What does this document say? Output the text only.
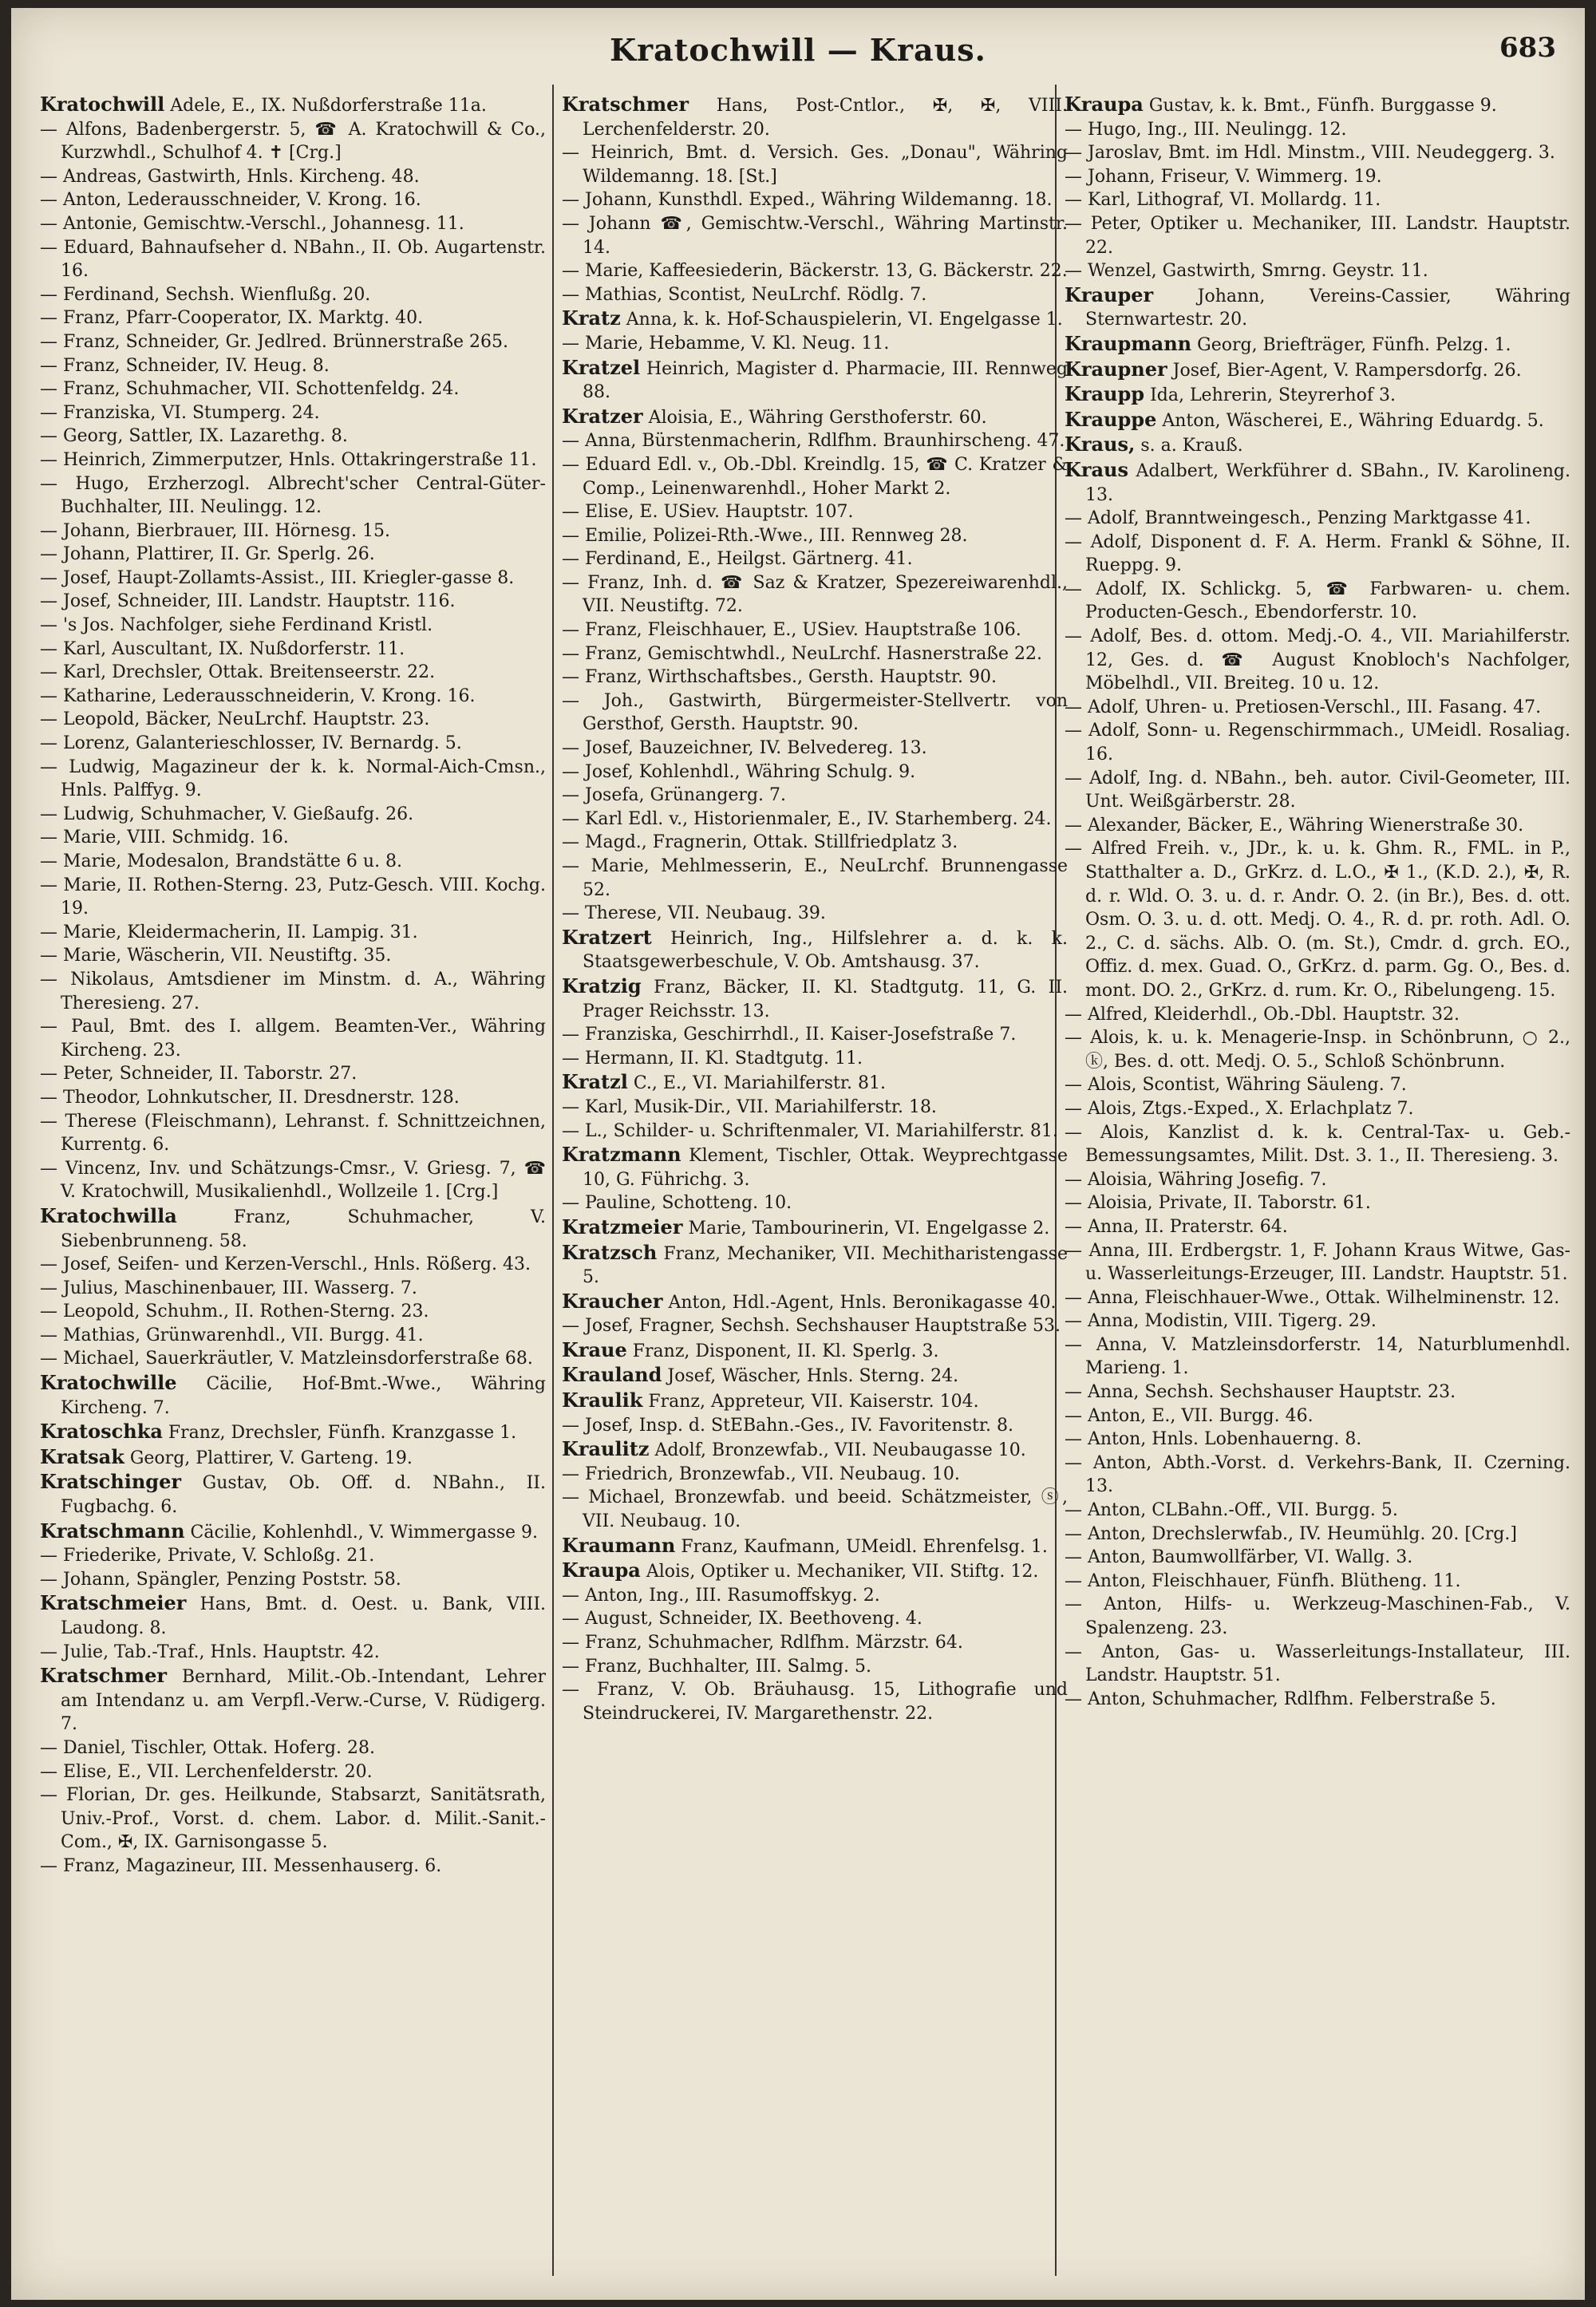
Kratochwill — Kraus.	683
Kratochwill Adele, E., IX. Nußdorferstraße 11a.
— Alfons, Badenbergerstr. 5, ☎ A. Kratochwill & Co., Kurzwhdl., Schulhof 4. ✝ [Crg.]
— Andreas, Gastwirth, Hnls. Kircheng. 48.
— Anton, Lederausschneider, V. Krong. 16.
— Antonie, Gemischtw.-Verschl., Johannesg. 11.
— Eduard, Bahnaufseher d. NBahn., II. Ob. Augartenstr. 16.
— Ferdinand, Sechsh. Wienflußg. 20.
— Franz, Pfarr-Cooperator, IX. Marktg. 40.
— Franz, Schneider, Gr. Jedlred. Brünnerstraße 265.
— Franz, Schneider, IV. Heug. 8.
— Franz, Schuhmacher, VII. Schottenfeldg. 24.
— Franziska, VI. Stumperg. 24.
— Georg, Sattler, IX. Lazarethg. 8.
— Heinrich, Zimmerputzer, Hnls. Ottakringerstraße 11.
— Hugo, Erzherzogl. Albrecht'scher Central-Güter-Buchhalter, III. Neulingg. 12.
— Johann, Bierbrauer, III. Hörnesg. 15.
— Johann, Plattirer, II. Gr. Sperlg. 26.
— Josef, Haupt-Zollamts-Assist., III. Kriegler-gasse 8.
— Josef, Schneider, III. Landstr. Hauptstr. 116.
— 's Jos. Nachfolger, siehe Ferdinand Kristl.
— Karl, Auscultant, IX. Nußdorferstr. 11.
— Karl, Drechsler, Ottak. Breitenseerstr. 22.
— Katharine, Lederausschneiderin, V. Krong. 16.
— Leopold, Bäcker, NeuLrchf. Hauptstr. 23.
— Lorenz, Galanterieschlosser, IV. Bernardg. 5.
— Ludwig, Magazineur der k. k. Normal-Aich-Cmsn., Hnls. Palffyg. 9.
— Ludwig, Schuhmacher, V. Gießaufg. 26.
— Marie, VIII. Schmidg. 16.
— Marie, Modesalon, Brandstätte 6 u. 8.
— Marie, II. Rothen-Sterng. 23, Putz-Gesch. VIII. Kochg. 19.
— Marie, Kleidermacherin, II. Lampig. 31.
— Marie, Wäscherin, VII. Neustiftg. 35.
— Nikolaus, Amtsdiener im Minstm. d. A., Währing Theresieng. 27.
— Paul, Bmt. des I. allgem. Beamten-Ver., Währing Kircheng. 23.
— Peter, Schneider, II. Taborstr. 27.
— Theodor, Lohnkutscher, II. Dresdnerstr. 128.
— Therese (Fleischmann), Lehranst. f. Schnittzeichnen, Kurrentg. 6.
— Vincenz, Inv. und Schätzungs-Cmsr., V. Griesg. 7, ☎ V. Kratochwill, Musikalienhdl., Wollzeile 1. [Crg.]
Kratochwilla Franz, Schuhmacher, V. Siebenbrunneng. 58.
— Josef, Seifen- und Kerzen-Verschl., Hnls. Rößerg. 43.
— Julius, Maschinenbauer, III. Wasserg. 7.
— Leopold, Schuhm., II. Rothen-Sterng. 23.
— Mathias, Grünwarenhdl., VII. Burgg. 41.
— Michael, Sauerkräutler, V. Matzleinsdorferstraße 68.
Kratochwille Cäcilie, Hof-Bmt.-Wwe., Währing Kircheng. 7.
Kratoschka Franz, Drechsler, Fünfh. Kranzgasse 1.
Kratsak Georg, Plattirer, V. Garteng. 19.
Kratschinger Gustav, Ob. Off. d. NBahn., II. Fugbachg. 6.
Kratschmann Cäcilie, Kohlenhdl., V. Wimmergasse 9.
— Friederike, Private, V. Schloßg. 21.
— Johann, Spängler, Penzing Poststr. 58.
Kratschmeier Hans, Bmt. d. Oest. u. Bank, VIII. Laudong. 8.
— Julie, Tab.-Traf., Hnls. Hauptstr. 42.
Kratschmer Bernhard, Milit.-Ob.-Intendant, Lehrer am Intendanz u. am Verpfl.-Verw.-Curse, V. Rüdigerg. 7.
— Daniel, Tischler, Ottak. Hoferg. 28.
— Elise, E., VII. Lerchenfelderstr. 20.
— Florian, Dr. ges. Heilkunde, Stabsarzt, Sanitätsrath, Univ.-Prof., Vorst. d. chem. Labor. d. Milit.-Sanit.-Com., ✠, IX. Garnisongasse 5.
— Franz, Magazineur, III. Messenhauserg. 6.
Kratschmer Hans, Post-Cntlor., ✠, ✠, VIII. Lerchenfelderstr. 20.
— Heinrich, Bmt. d. Versich. Ges. „Donau", Währing Wildemanng. 18. [St.]
— Johann, Kunsthdl. Exped., Währing Wildemanng. 18.
— Johann ☎, Gemischtw.-Verschl., Währing Martinstr. 14.
— Marie, Kaffeesiederin, Bäckerstr. 13, G. Bäckerstr. 22.
— Mathias, Scontist, NeuLrchf. Rödlg. 7.
Kratz Anna, k. k. Hof-Schauspielerin, VI. Engelgasse 1.
— Marie, Hebamme, V. Kl. Neug. 11.
Kratzel Heinrich, Magister d. Pharmacie, III. Rennweg 88.
Kratzer Aloisia, E., Währing Gersthoferstr. 60.
— Anna, Bürstenmacherin, Rdlfhm. Braunhirscheng. 47.
— Eduard Edl. v., Ob.-Dbl. Kreindlg. 15, ☎ C. Kratzer & Comp., Leinenwarenhdl., Hoher Markt 2.
— Elise, E. USiev. Hauptstr. 107.
— Emilie, Polizei-Rth.-Wwe., III. Rennweg 28.
— Ferdinand, E., Heilgst. Gärtnerg. 41.
— Franz, Inh. d. ☎ Saz & Kratzer, Spezereiwarenhdl., VII. Neustiftg. 72.
— Franz, Fleischhauer, E., USiev. Hauptstraße 106.
— Franz, Gemischtwhdl., NeuLrchf. Hasnerstraße 22.
— Franz, Wirthschaftsbes., Gersth. Hauptstr. 90.
— Joh., Gastwirth, Bürgermeister-Stellvertr. von Gersthof, Gersth. Hauptstr. 90.
— Josef, Bauzeichner, IV. Belvedereg. 13.
— Josef, Kohlenhdl., Währing Schulg. 9.
— Josefa, Grünangerg. 7.
— Karl Edl. v., Historienmaler, E., IV. Starhemberg. 24.
— Magd., Fragnerin, Ottak. Stillfriedplatz 3.
— Marie, Mehlmesserin, E., NeuLrchf. Brunnengasse 52.
— Therese, VII. Neubaug. 39.
Kratzert Heinrich, Ing., Hilfslehrer a. d. k. k. Staatsgewerbeschule, V. Ob. Amtshausg. 37.
Kratzig Franz, Bäcker, II. Kl. Stadtgutg. 11, G. II. Prager Reichsstr. 13.
— Franziska, Geschirrhdl., II. Kaiser-Josefstraße 7.
— Hermann, II. Kl. Stadtgutg. 11.
Kratzl C., E., VI. Mariahilferstr. 81.
— Karl, Musik-Dir., VII. Mariahilferstr. 18.
— L., Schilder- u. Schriftenmaler, VI. Mariahilferstr. 81.
Kratzmann Klement, Tischler, Ottak. Weyprechtgasse 10, G. Führichg. 3.
— Pauline, Schotteng. 10.
Kratzmeier Marie, Tambourinerin, VI. Engelgasse 2.
Kratzsch Franz, Mechaniker, VII. Mechitharistengasse 5.
Kraucher Anton, Hdl.-Agent, Hnls. Beronikagasse 40.
— Josef, Fragner, Sechsh. Sechshauser Hauptstraße 53.
Kraue Franz, Disponent, II. Kl. Sperlg. 3.
Krauland Josef, Wäscher, Hnls. Sterng. 24.
Kraulik Franz, Appreteur, VII. Kaiserstr. 104.
— Josef, Insp. d. StEBahn.-Ges., IV. Favoritenstr. 8.
Kraulitz Adolf, Bronzewfab., VII. Neubaugasse 10.
— Friedrich, Bronzewfab., VII. Neubaug. 10.
— Michael, Bronzewfab. und beeid. Schätzmeister, ⓢ, VII. Neubaug. 10.
Kraumann Franz, Kaufmann, UMeidl. Ehrenfelsg. 1.
Kraupa Alois, Optiker u. Mechaniker, VII. Stiftg. 12.
— Anton, Ing., III. Rasumoffskyg. 2.
— August, Schneider, IX. Beethoveng. 4.
— Franz, Schuhmacher, Rdlfhm. Märzstr. 64.
— Franz, Buchhalter, III. Salmg. 5.
— Franz, V. Ob. Bräuhausg. 15, Lithografie und Steindruckerei, IV. Margarethenstr. 22.
Kraupa Gustav, k. k. Bmt., Fünfh. Burggasse 9.
— Hugo, Ing., III. Neulingg. 12.
— Jaroslav, Bmt. im Hdl. Minstm., VIII. Neudeggerg. 3.
— Johann, Friseur, V. Wimmerg. 19.
— Karl, Lithograf, VI. Mollardg. 11.
— Peter, Optiker u. Mechaniker, III. Landstr. Hauptstr. 22.
— Wenzel, Gastwirth, Smrng. Geystr. 11.
Krauper Johann, Vereins-Cassier, Währing Sternwartestr. 20.
Kraupmann Georg, Briefträger, Fünfh. Pelzg. 1.
Kraupner Josef, Bier-Agent, V. Rampersdorfg. 26.
Kraupp Ida, Lehrerin, Steyrerhof 3.
Krauppe Anton, Wäscherei, E., Währing Eduardg. 5.
Kraus, s. a. Krauß.
Kraus Adalbert, Werkführer d. SBahn., IV. Karolineng. 13.
— Adolf, Branntweingesch., Penzing Marktgasse 41.
— Adolf, Disponent d. F. A. Herm. Frankl & Söhne, II. Rueppg. 9.
— Adolf, IX. Schlickg. 5, ☎ Farbwaren- u. chem. Producten-Gesch., Ebendorferstr. 10.
— Adolf, Bes. d. ottom. Medj.-O. 4., VII. Mariahilferstr. 12, Ges. d. ☎ August Knobloch's Nachfolger, Möbelhdl., VII. Breiteg. 10 u. 12.
— Adolf, Uhren- u. Pretiosen-Verschl., III. Fasang. 47.
— Adolf, Sonn- u. Regenschirmmach., UMeidl. Rosaliag. 16.
— Adolf, Ing. d. NBahn., beh. autor. Civil-Geometer, III. Unt. Weißgärberstr. 28.
— Alexander, Bäcker, E., Währing Wienerstraße 30.
— Alfred Freih. v., JDr., k. u. k. Ghm. R., FML. in P., Statthalter a. D., GrKrz. d. L.O., ✠ 1., (K.D. 2.), ✠, R. d. r. Wld. O. 3. u. d. r. Andr. O. 2. (in Br.), Bes. d. ott. Osm. O. 3. u. d. ott. Medj. O. 4., R. d. pr. roth. Adl. O. 2., C. d. sächs. Alb. O. (m. St.), Cmdr. d. grch. EO., Offiz. d. mex. Guad. O., GrKrz. d. parm. Gg. O., Bes. d. mont. DO. 2., GrKrz. d. rum. Kr. O., Ribelungeng. 15.
— Alfred, Kleiderhdl., Ob.-Dbl. Hauptstr. 32.
— Alois, k. u. k. Menagerie-Insp. in Schönbrunn, ○ 2., ⓚ, Bes. d. ott. Medj. O. 5., Schloß Schönbrunn.
— Alois, Scontist, Währing Säuleng. 7.
— Alois, Ztgs.-Exped., X. Erlachplatz 7.
— Alois, Kanzlist d. k. k. Central-Tax- u. Geb.-Bemessungsamtes, Milit. Dst. 3. 1., II. Theresieng. 3.
— Aloisia, Währing Josefig. 7.
— Aloisia, Private, II. Taborstr. 61.
— Anna, II. Praterstr. 64.
— Anna, III. Erdbergstr. 1, F. Johann Kraus Witwe, Gas- u. Wasserleitungs-Erzeuger, III. Landstr. Hauptstr. 51.
— Anna, Fleischhauer-Wwe., Ottak. Wilhelminenstr. 12.
— Anna, Modistin, VIII. Tigerg. 29.
— Anna, V. Matzleinsdorferstr. 14, Naturblumenhdl. Marieng. 1.
— Anna, Sechsh. Sechshauser Hauptstr. 23.
— Anton, E., VII. Burgg. 46.
— Anton, Hnls. Lobenhauerng. 8.
— Anton, Abth.-Vorst. d. Verkehrs-Bank, II. Czerning. 13.
— Anton, CLBahn.-Off., VII. Burgg. 5.
— Anton, Drechslerwfab., IV. Heumühlg. 20. [Crg.]
— Anton, Baumwollfärber, VI. Wallg. 3.
— Anton, Fleischhauer, Fünfh. Blütheng. 11.
— Anton, Hilfs- u. Werkzeug-Maschinen-Fab., V. Spalenzeng. 23.
— Anton, Gas- u. Wasserleitungs-Installateur, III. Landstr. Hauptstr. 51.
— Anton, Schuhmacher, Rdlfhm. Felberstraße 5.
